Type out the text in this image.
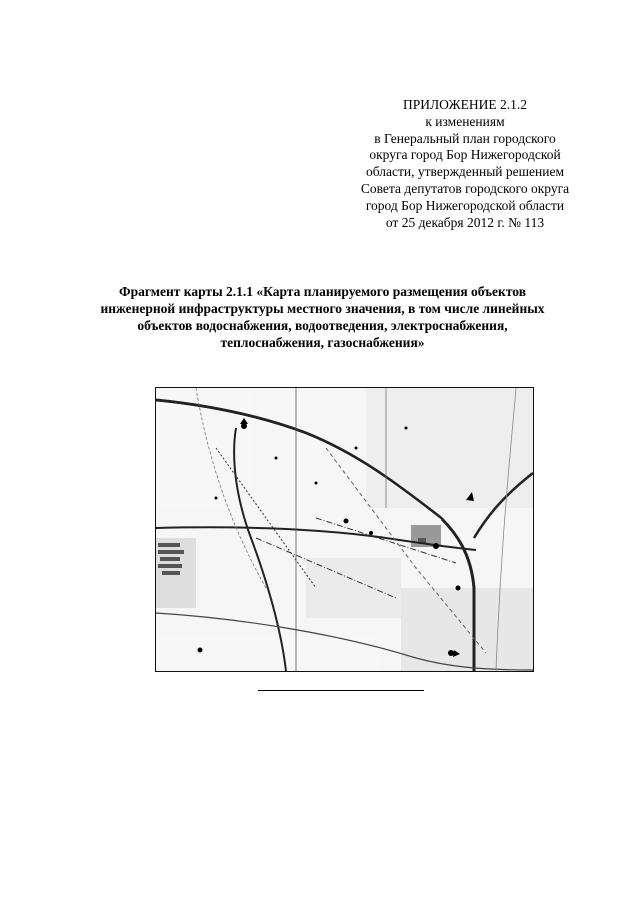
ПРИЛОЖЕНИЕ 2.1.2
к изменениям
в Генеральный план городского
округа город Бор Нижегородской
области, утвержденный решением
Совета депутатов городского округа
город Бор Нижегородской области
от 25 декабря 2012 г. № 113
Фрагмент карты 2.1.1 «Карта планируемого размещения объектов
инженерной инфраструктуры местного значения, в том числе линейных
объектов водоснабжения, водоотведения, электроснабжения,
теплоснабжения, газоснабжения»
